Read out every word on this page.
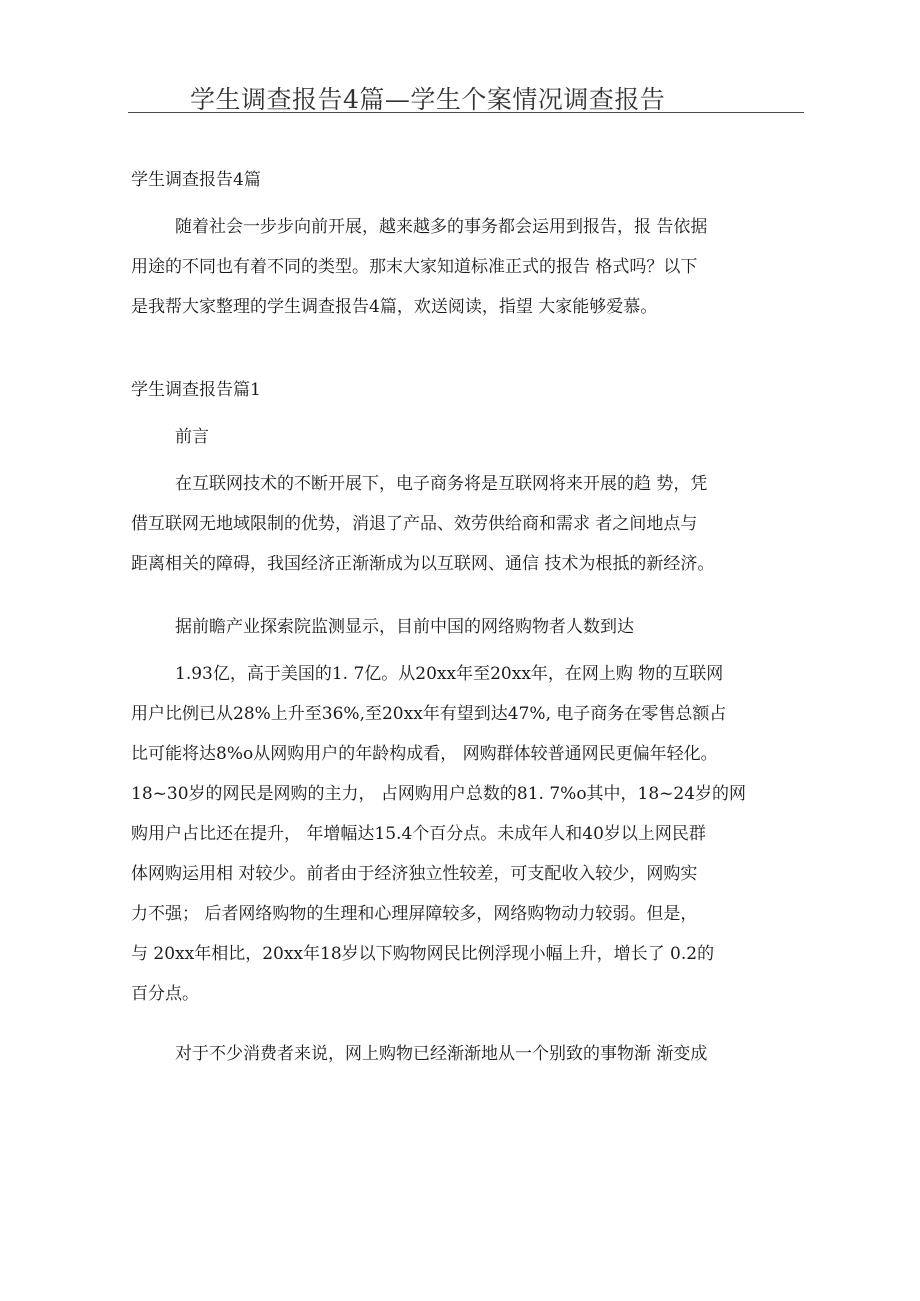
学生调查报告4篇—学生个案情况调查报告
学生调查报告4篇
随着社会一步步向前开展，越来越多的事务都会运用到报告，报 告依据
用途的不同也有着不同的类型。那末大家知道标准正式的报告 格式吗？以下
是我帮大家整理的学生调查报告4篇，欢送阅读，指望 大家能够爱慕。
学生调查报告篇1
前言
在互联网技术的不断开展下，电子商务将是互联网将来开展的趋 势，凭
借互联网无地域限制的优势，消退了产品、效劳供给商和需求 者之间地点与
距离相关的障碍，我国经济正渐渐成为以互联网、通信 技术为根抵的新经济。
据前瞻产业探索院监测显示，目前中国的网络购物者人数到达
1.93亿，高于美国的1. 7亿。从20xx年至20xx年，在网上购 物的互联网
用户比例已从28%上升至36%,至20xx年有望到达47%, 电子商务在零售总额占
比可能将达8%o从网购用户的年龄构成看， 网购群体较普通网民更偏年轻化。
18~30岁的网民是网购的主力， 占网购用户总数的81. 7%o其中，18~24岁的网
购用户占比还在提升， 年增幅达15.4个百分点。未成年人和40岁以上网民群
体网购运用相 对较少。前者由于经济独立性较差，可支配收入较少，网购实
力不强； 后者网络购物的生理和心理屏障较多，网络购物动力较弱。但是，
与 20xx年相比，20xx年18岁以下购物网民比例浮现小幅上升，增长了 0.2的
百分点。
对于不少消费者来说，网上购物已经渐渐地从一个别致的事物渐 渐变成
